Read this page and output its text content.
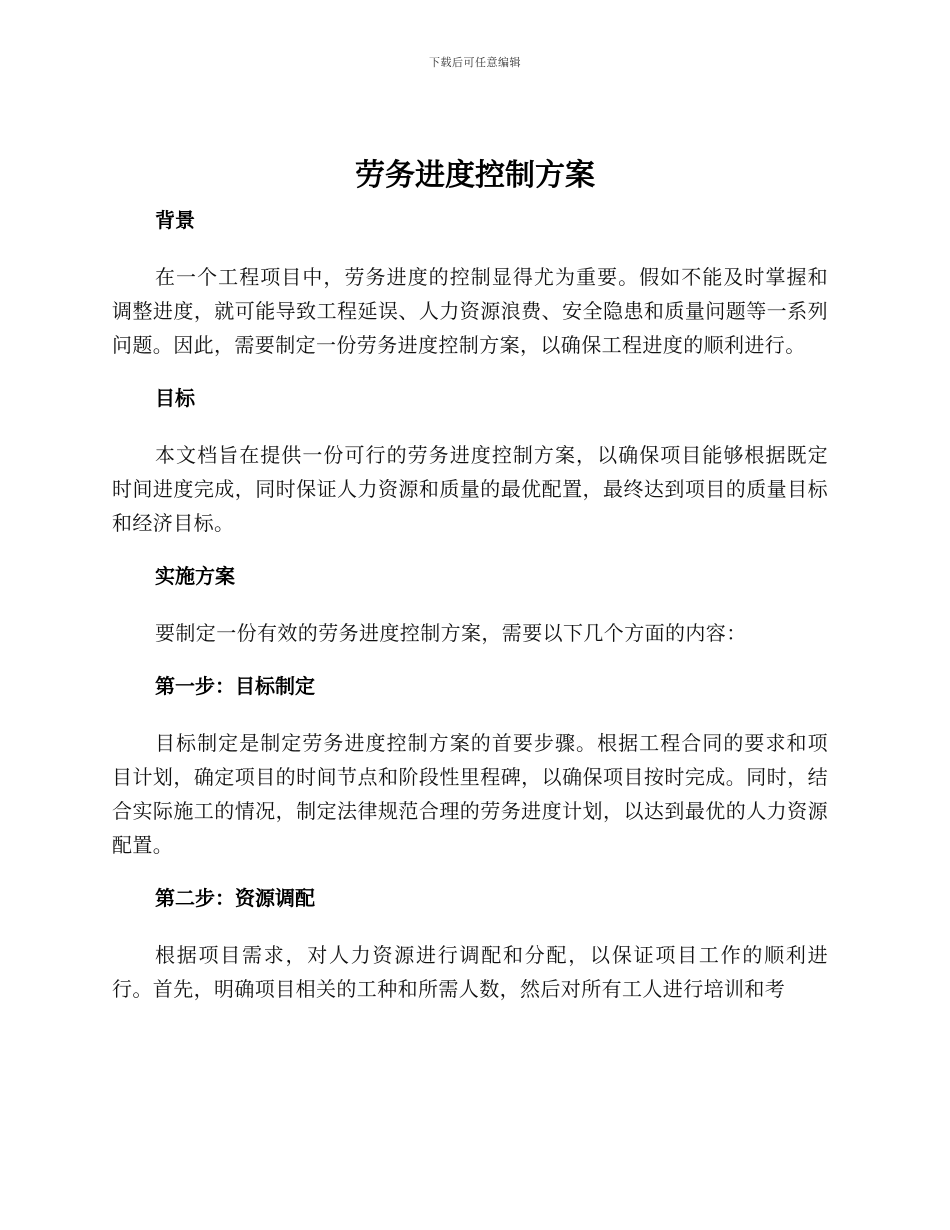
下载后可任意编辑
劳务进度控制方案
背景

在一个工程项目中，劳务进度的控制显得尤为重要。假如不能及时掌握和调整进度，就可能导致工程延误、人力资源浪费、安全隐患和质量问题等一系列问题。因此，需要制定一份劳务进度控制方案，以确保工程进度的顺利进行。

目标

本文档旨在提供一份可行的劳务进度控制方案，以确保项目能够根据既定时间进度完成，同时保证人力资源和质量的最优配置，最终达到项目的质量目标和经济目标。

实施方案

要制定一份有效的劳务进度控制方案，需要以下几个方面的内容：

第一步：目标制定

目标制定是制定劳务进度控制方案的首要步骤。根据工程合同的要求和项目计划，确定项目的时间节点和阶段性里程碑，以确保项目按时完成。同时，结合实际施工的情况，制定法律规范合理的劳务进度计划，以达到最优的人力资源配置。

第二步：资源调配

根据项目需求，对人力资源进行调配和分配，以保证项目工作的顺利进行。首先，明确项目相关的工种和所需人数，然后对所有工人进行培训和考
